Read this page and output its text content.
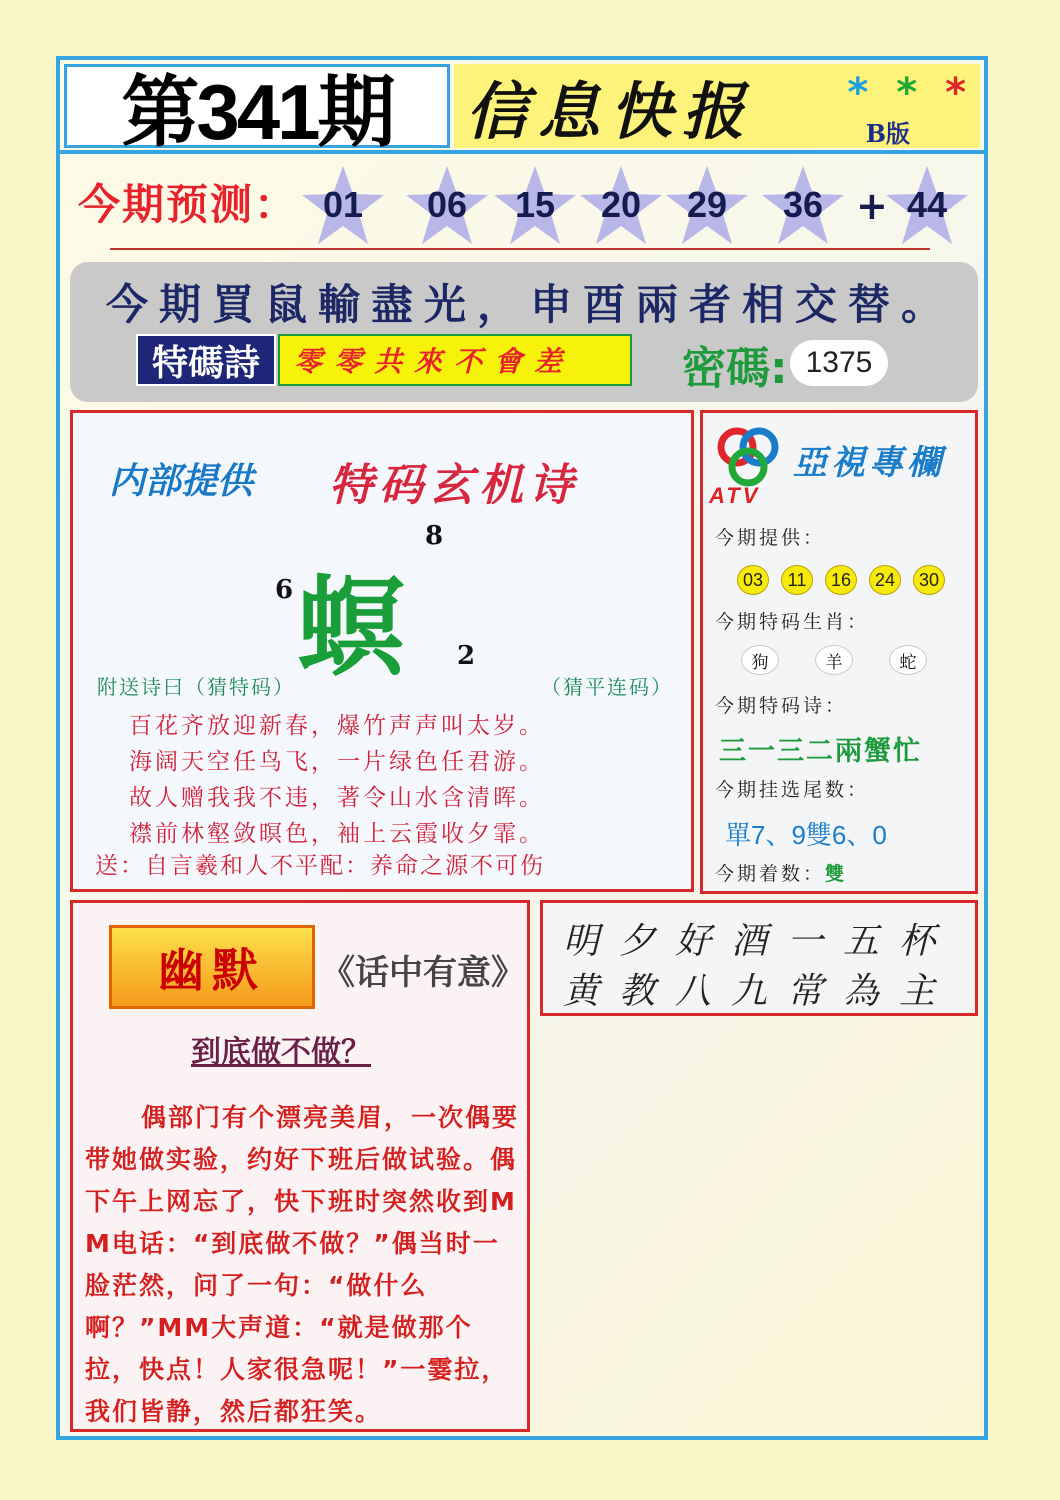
第341期 信息快报	* * *
B版
今期预测： 01	06	15	20	29	36 + 44
今期買鼠輸盡光，申酉兩者相交替。
特碼詩	零零共來不會差	密碼: 1375
内部提供 特码玄机诗
螟
8
6
2
附送诗曰（猜特码）	（猜平连码）
百花齐放迎新春，爆竹声声叫太岁。
海阔天空任鸟飞，一片绿色任君游。
故人赠我我不违，著令山水含清晖。
襟前林壑敛暝色，袖上云霞收夕霏。
送：自言羲和人不平配：养命之源不可伤
ATV
亞視專欄
今期提供：
03	11	16	24	30
今期特码生肖：
狗	羊	蛇
今期特码诗：
三一三二兩蟹忙
今期挂选尾数：
單7、9雙6、0
今期着数：雙
幽默	《话中有意》
到底做不做？
偶部门有个漂亮美眉，一次偶要带她做实验，约好下班后做试验。偶下午上网忘了，快下班时突然收到MM电话：“到底做不做？”偶当时一脸茫然，问了一句：“做什么啊？”MM大声道：“就是做那个拉，快点！人家很急呢！”一霎拉，我们皆静，然后都狂笑。
明夕好酒一五杯
黄教八九常為主
